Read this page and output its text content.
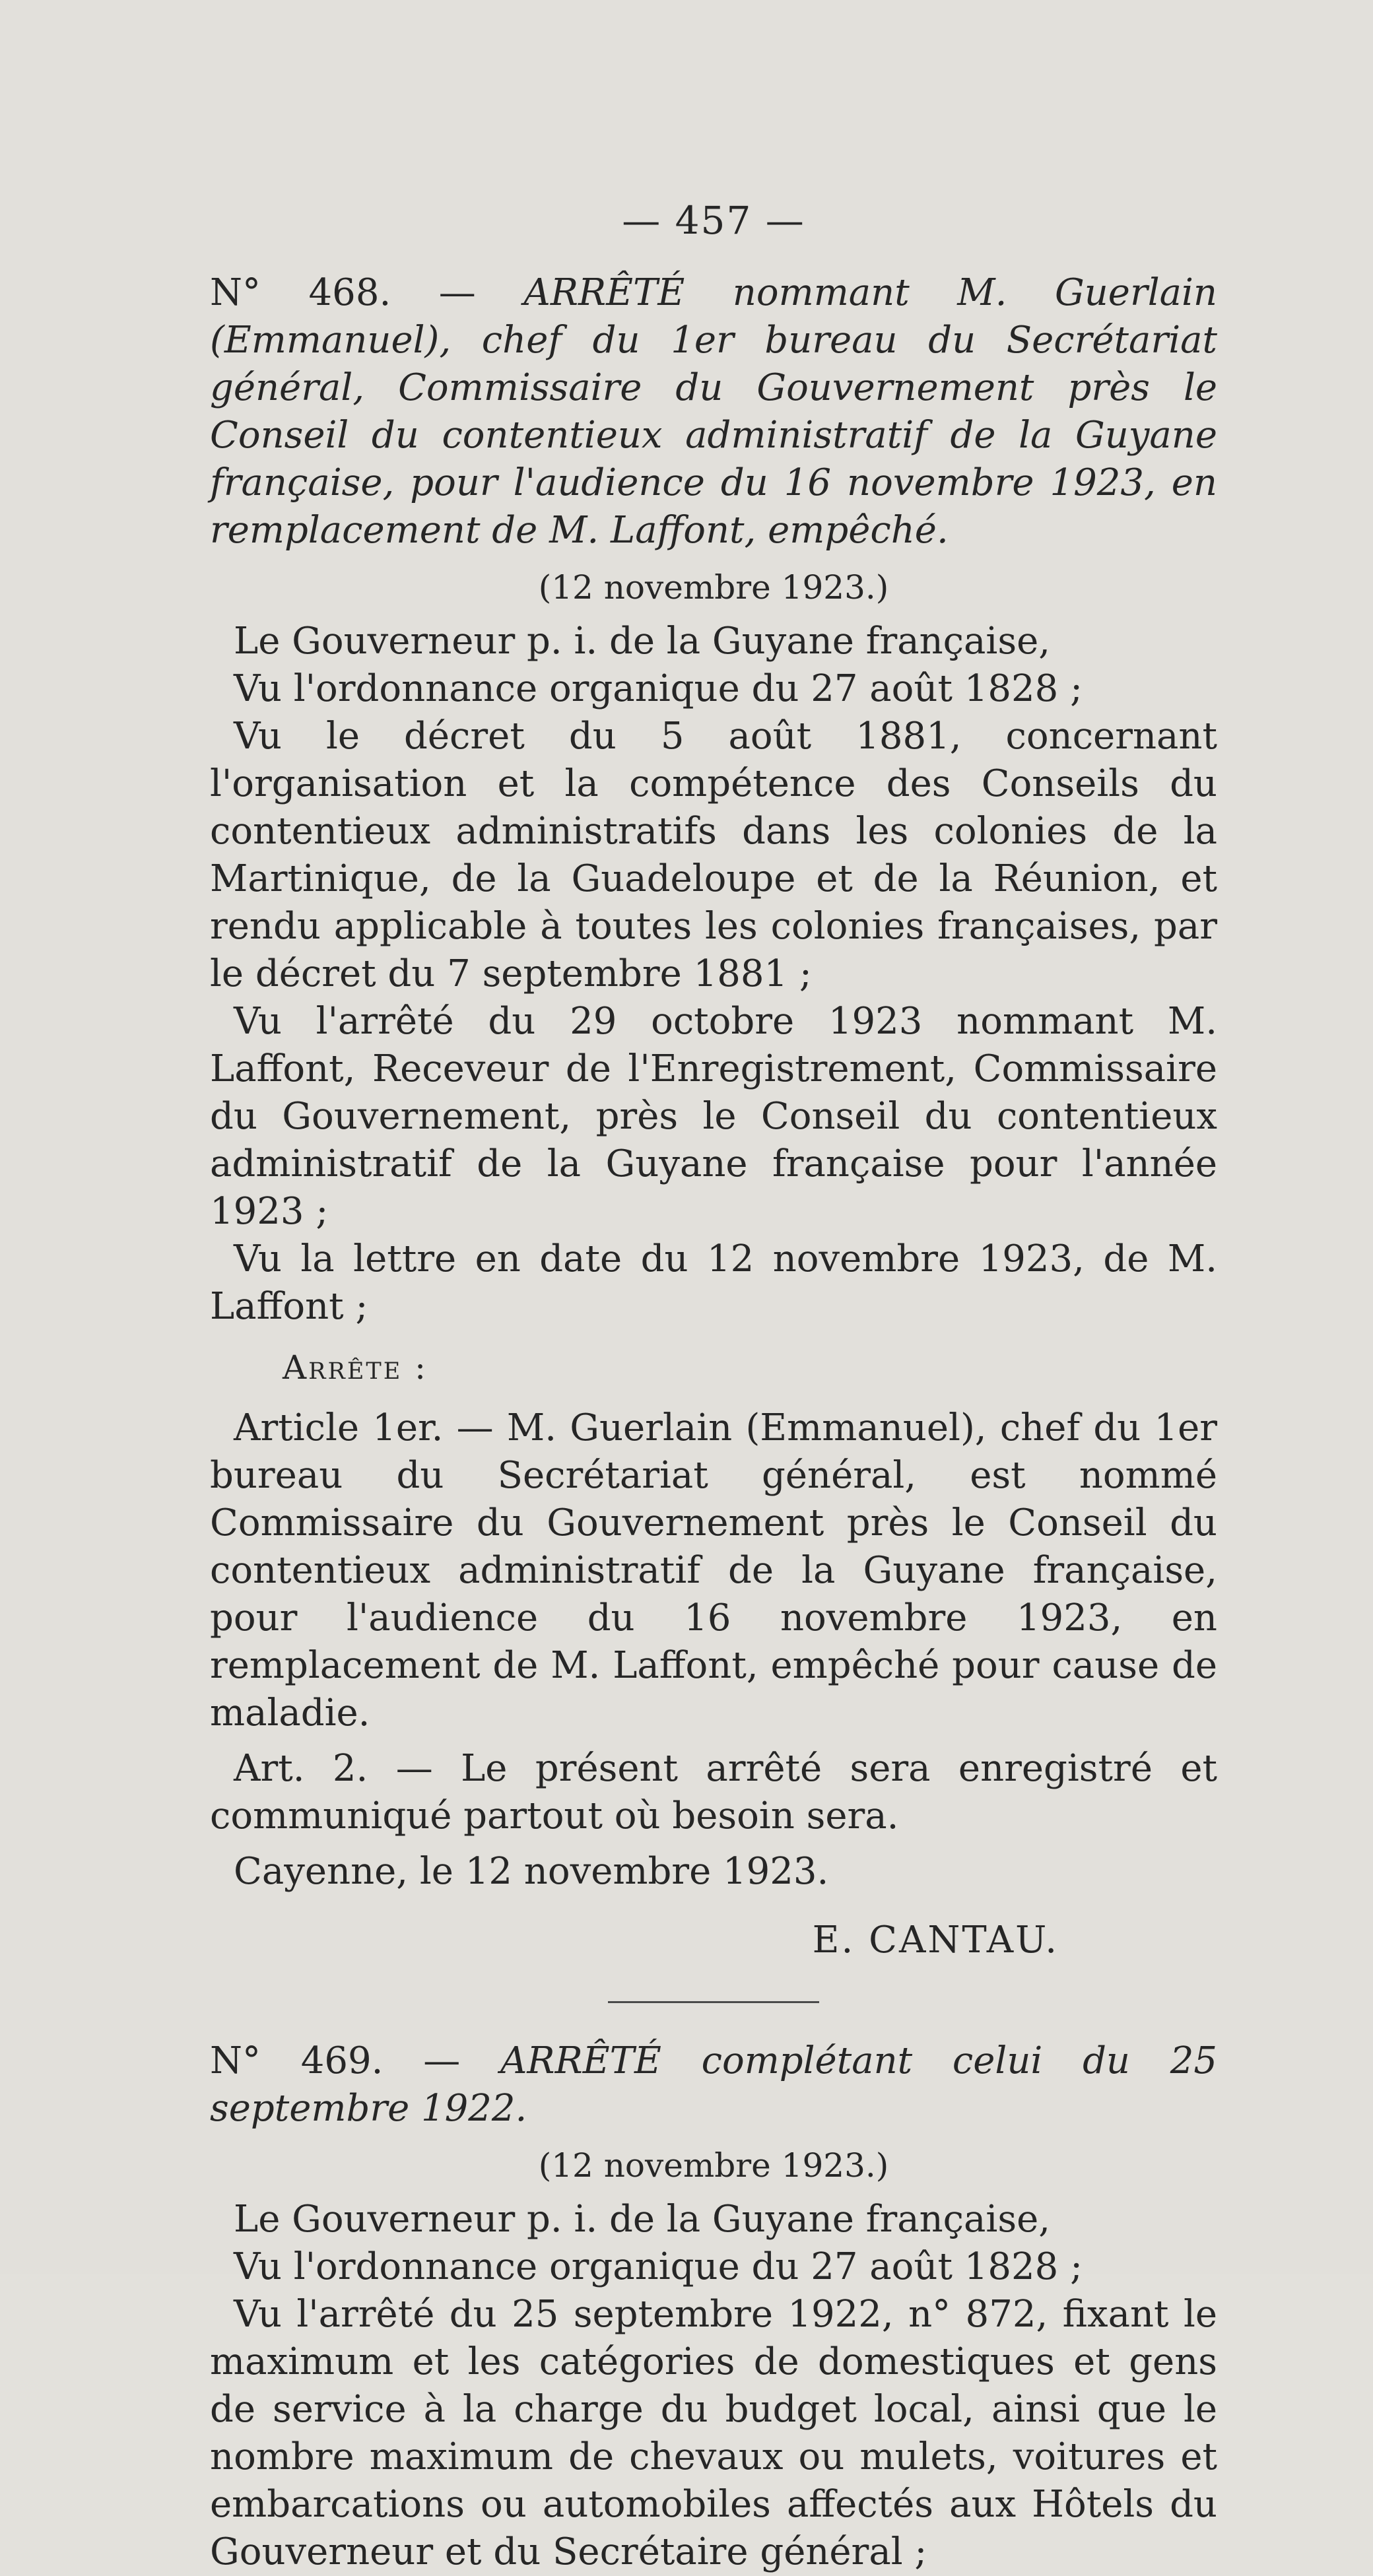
— 457 —

N° 468. — ARRÊTÉ nommant M. Guerlain (Emmanuel), chef du 1er bureau du Secrétariat général, Commissaire du Gouvernement près le Conseil du contentieux administratif de la Guyane française, pour l'audience du 16 novembre 1923, en remplacement de M. Laffont, empêché.

(12 novembre 1923.)

Le Gouverneur p. i. de la Guyane française,

Vu l'ordonnance organique du 27 août 1828 ;

Vu le décret du 5 août 1881, concernant l'organisation et la compétence des Conseils du contentieux administratifs dans les colonies de la Martinique, de la Guadeloupe et de la Réunion, et rendu applicable à toutes les colonies françaises, par le décret du 7 septembre 1881 ;

Vu l'arrêté du 29 octobre 1923 nommant M. Laffont, Receveur de l'Enregistrement, Commissaire du Gouvernement, près le Conseil du contentieux administratif de la Guyane française pour l'année 1923 ;

Vu la lettre en date du 12 novembre 1923, de M. Laffont ;

Arrête :

Article 1er. — M. Guerlain (Emmanuel), chef du 1er bureau du Secrétariat général, est nommé Commissaire du Gouvernement près le Conseil du contentieux administratif de la Guyane française, pour l'audience du 16 novembre 1923, en remplacement de M. Laffont, empêché pour cause de maladie.

Art. 2. — Le présent arrêté sera enregistré et communiqué partout où besoin sera.

Cayenne, le 12 novembre 1923.

E. CANTAU.

N° 469. — ARRÊTÉ complétant celui du 25 septembre 1922.

(12 novembre 1923.)

Le Gouverneur p. i. de la Guyane française,

Vu l'ordonnance organique du 27 août 1828 ;

Vu l'arrêté du 25 septembre 1922, n° 872, fixant le maximum et les catégories de domestiques et gens de service à la charge du budget local, ainsi que le nombre maximum de chevaux ou mulets, voitures et embarcations ou automobiles affectés aux Hôtels du Gouverneur et du Secrétaire général ;
